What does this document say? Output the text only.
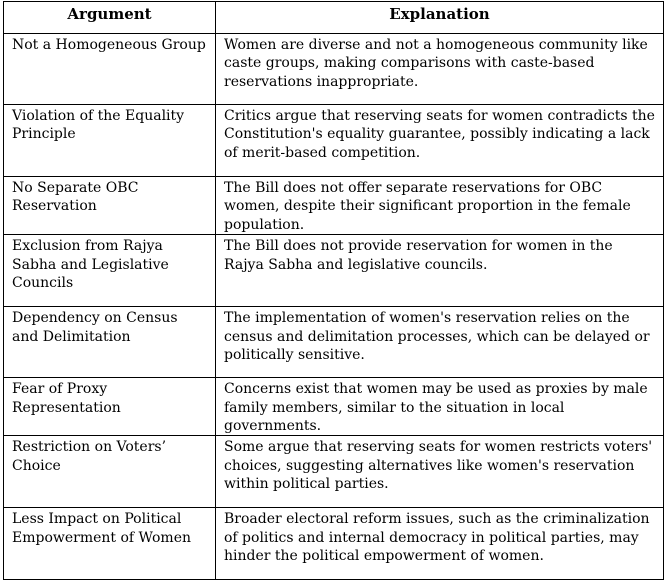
Argument	Explanation
Not a Homogeneous Group	Women are diverse and not a homogeneous community like caste groups, making comparisons with caste-based reservations inappropriate.
Violation of the Equality Principle	Critics argue that reserving seats for women contradicts the Constitution's equality guarantee, possibly indicating a lack of merit-based competition.
No Separate OBC Reservation	The Bill does not offer separate reservations for OBC women, despite their significant proportion in the female population.
Exclusion from Rajya Sabha and Legislative Councils	The Bill does not provide reservation for women in the Rajya Sabha and legislative councils.
Dependency on Census and Delimitation	The implementation of women's reservation relies on the census and delimitation processes, which can be delayed or politically sensitive.
Fear of Proxy Representation	Concerns exist that women may be used as proxies by male family members, similar to the situation in local governments.
Restriction on Voters’ Choice	Some argue that reserving seats for women restricts voters' choices, suggesting alternatives like women's reservation within political parties.
Less Impact on Political Empowerment of Women	Broader electoral reform issues, such as the criminalization of politics and internal democracy in political parties, may hinder the political empowerment of women.
